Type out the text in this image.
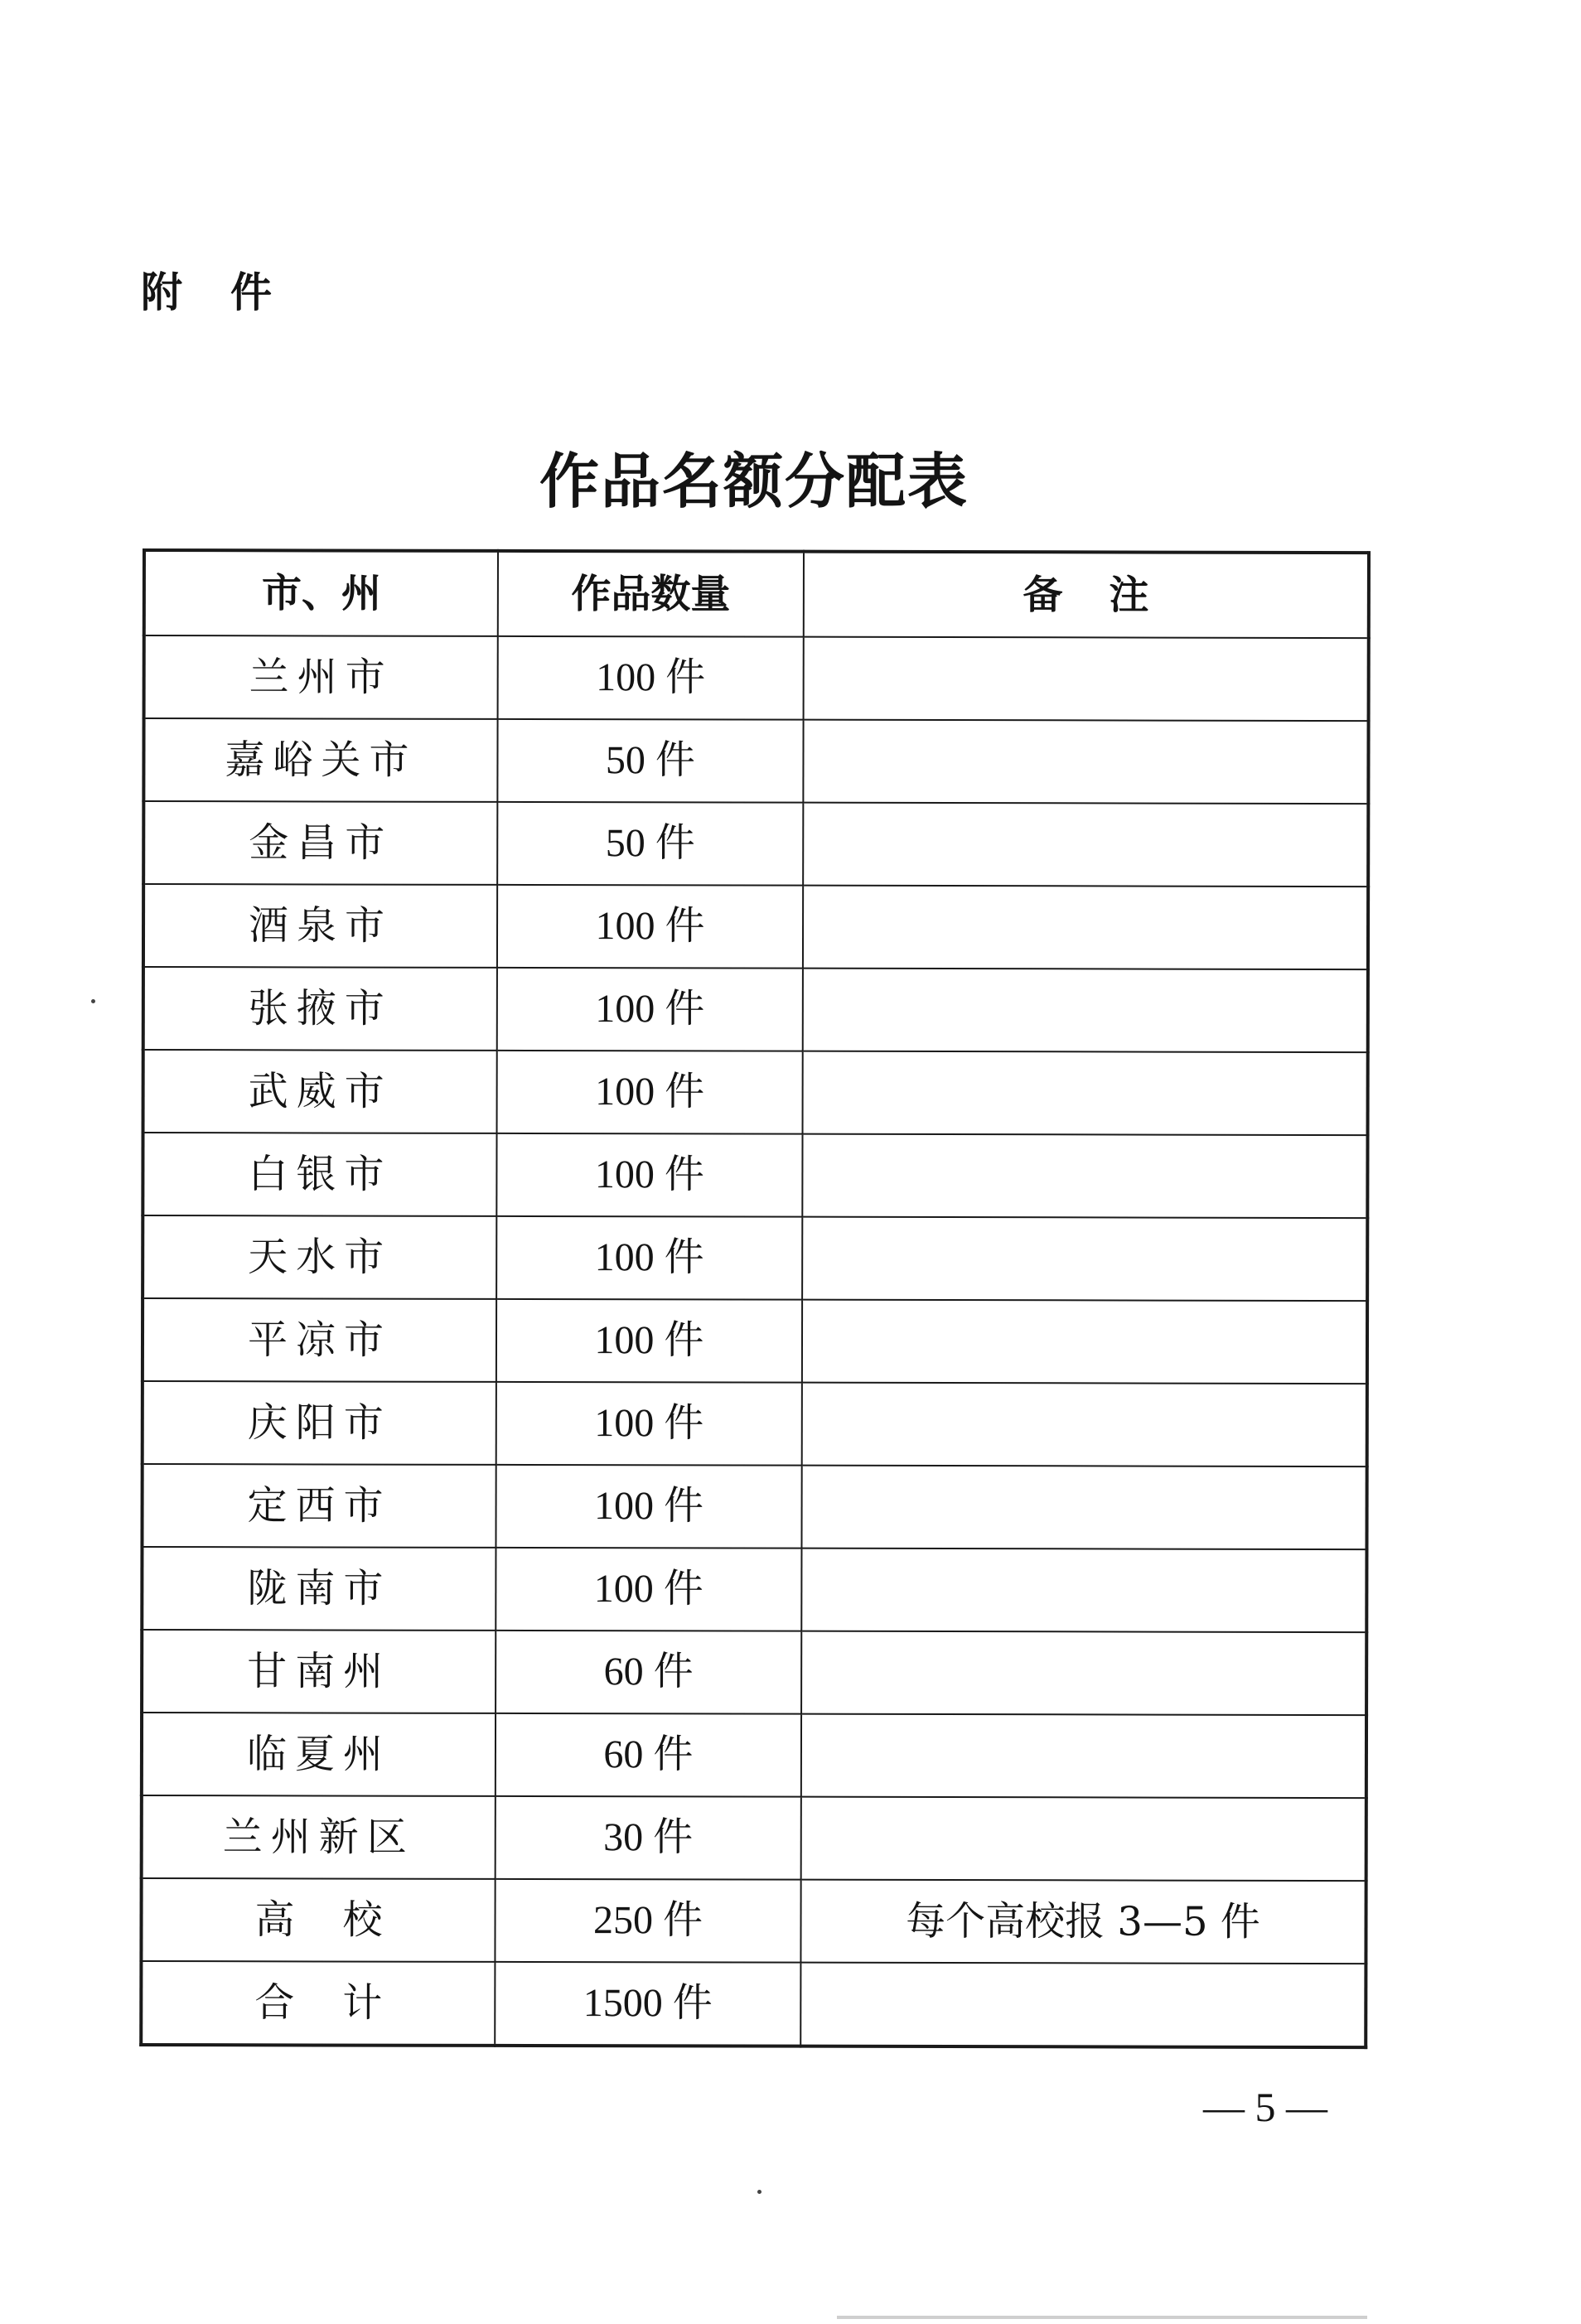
附件
作品名额分配表
市、州	作品数量	备注
兰州市	100 件	
嘉峪关市	50 件	
金昌市	50 件	
酒泉市	100 件	
张掖市	100 件	
武威市	100 件	
白银市	100 件	
天水市	100 件	
平凉市	100 件	
庆阳市	100 件	
定西市	100 件	
陇南市	100 件	
甘南州	60 件	
临夏州	60 件	
兰州新区	30 件	
高校	250 件	每个高校报 3—5 件
合计	1500 件	
— 5 —
